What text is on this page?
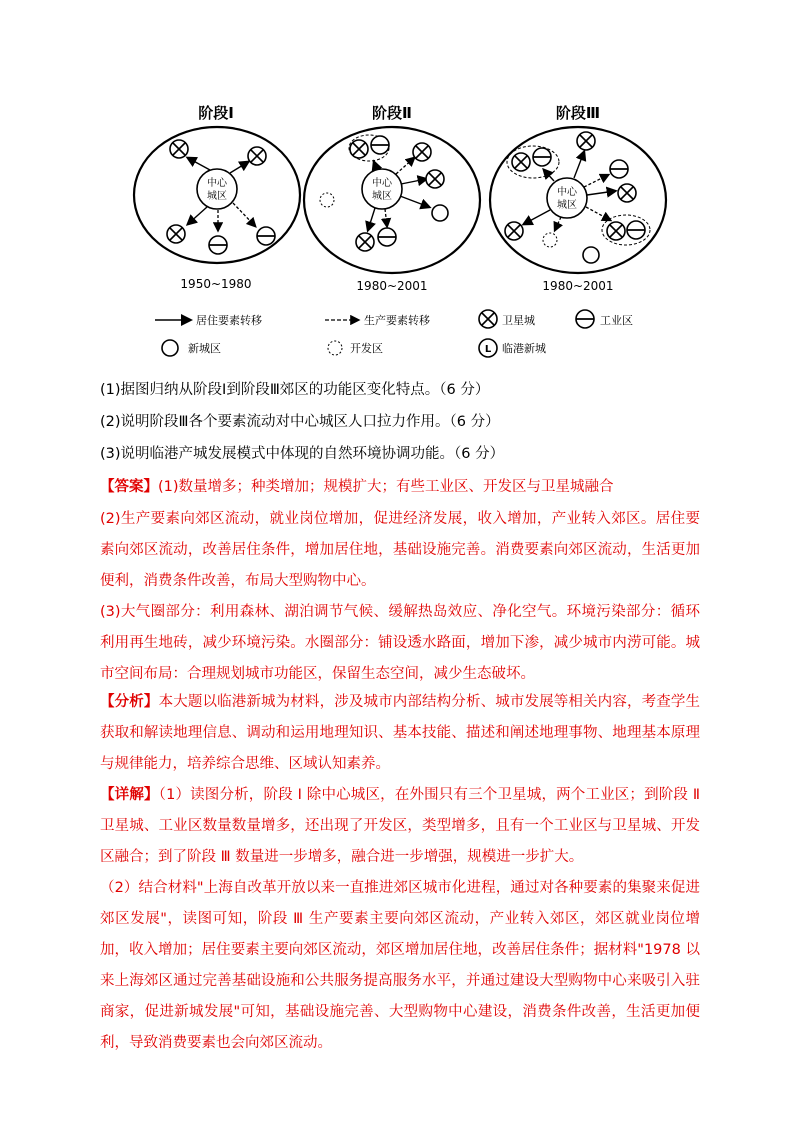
阶段Ⅰ	阶段Ⅱ	阶段Ⅲ
中心
城区
中心
城区	中心
城区
1950~1980	1980~2001	1980~2001
居住要素转移	生产要素转移	卫星城	工业区
新城区	开发区	L 临港新城
(1)据图归纳从阶段Ⅰ到阶段Ⅲ郊区的功能区变化特点。（6 分）
(2)说明阶段Ⅲ各个要素流动对中心城区人口拉力作用。（6 分）
(3)说明临港产城发展模式中体现的自然环境协调功能。（6 分）
【答案】(1)数量增多；种类增加；规模扩大；有些工业区、开发区与卫星城融合
(2)生产要素向郊区流动，就业岗位增加，促进经济发展，收入增加，产业转入郊区。居住要素向郊区流动，改善居住条件，增加居住地，基础设施完善。消费要素向郊区流动，生活更加便利，消费条件改善，布局大型购物中心。
(3)大气圈部分：利用森林、湖泊调节气候、缓解热岛效应、净化空气。环境污染部分：循环利用再生地砖，减少环境污染。水圈部分：铺设透水路面，增加下渗，减少城市内涝可能。城市空间布局：合理规划城市功能区，保留生态空间，减少生态破坏。
【分析】本大题以临港新城为材料，涉及城市内部结构分析、城市发展等相关内容，考查学生获取和解读地理信息、调动和运用地理知识、基本技能、描述和阐述地理事物、地理基本原理与规律能力，培养综合思维、区域认知素养。
【详解】（1）读图分析，阶段 Ⅰ 除中心城区，在外围只有三个卫星城，两个工业区；到阶段 Ⅱ 卫星城、工业区数量数量增多，还出现了开发区，类型增多，且有一个工业区与卫星城、开发区融合；到了阶段 Ⅲ 数量进一步增多，融合进一步增强，规模进一步扩大。
（2）结合材料"上海自改革开放以来一直推进郊区城市化进程，通过对各种要素的集聚来促进郊区发展"，读图可知，阶段 Ⅲ 生产要素主要向郊区流动，产业转入郊区，郊区就业岗位增加，收入增加；居住要素主要向郊区流动，郊区增加居住地，改善居住条件；据材料"1978 以来上海郊区通过完善基础设施和公共服务提高服务水平，并通过建设大型购物中心来吸引入驻商家，促进新城发展"可知，基础设施完善、大型购物中心建设，消费条件改善，生活更加便利，导致消费要素也会向郊区流动。
